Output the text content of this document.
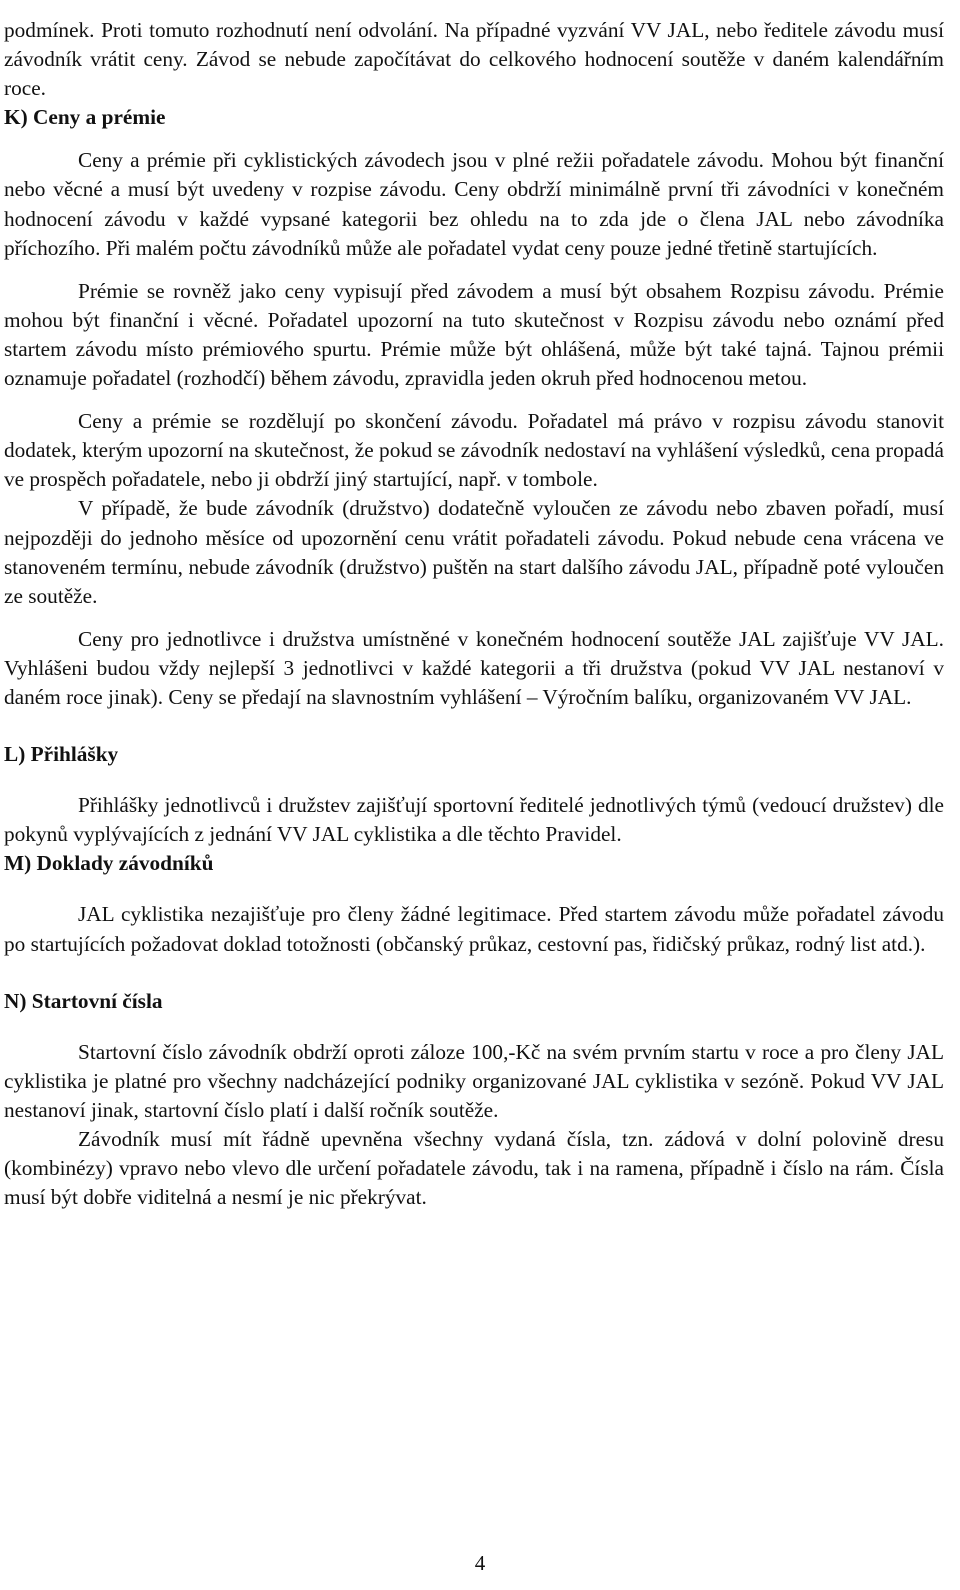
podmínek. Proti tomuto rozhodnutí není odvolání. Na případné vyzvání VV JAL, nebo ředitele závodu musí závodník vrátit ceny. Závod se nebude započítávat do celkového hodnocení soutěže v daném kalendářním roce.

K) Ceny a prémie

Ceny a prémie při cyklistických závodech jsou v plné režii pořadatele závodu. Mohou být finanční nebo věcné a musí být uvedeny v rozpise závodu. Ceny obdrží minimálně první tři závodníci v konečném hodnocení závodu v každé vypsané kategorii bez ohledu na to zda jde o člena JAL nebo závodníka příchozího. Při malém počtu závodníků může ale pořadatel vydat ceny pouze jedné třetině startujících.

Prémie se rovněž jako ceny vypisují před závodem a musí být obsahem Rozpisu závodu. Prémie mohou být finanční i věcné. Pořadatel upozorní na tuto skutečnost v Rozpisu závodu nebo oznámí před startem závodu místo prémiového spurtu. Prémie může být ohlášená, může být také tajná. Tajnou prémii oznamuje pořadatel (rozhodčí) během závodu, zpravidla jeden okruh před hodnocenou metou.

Ceny a prémie se rozdělují po skončení závodu. Pořadatel má právo v rozpisu závodu stanovit dodatek, kterým upozorní na skutečnost, že pokud se závodník nedostaví na vyhlášení výsledků, cena propadá ve prospěch pořadatele, nebo ji obdrží jiný startující, např. v tombole.

V případě, že bude závodník (družstvo) dodatečně vyloučen ze závodu nebo zbaven pořadí, musí nejpozději do jednoho měsíce od upozornění cenu vrátit pořadateli závodu. Pokud nebude cena vrácena ve stanoveném termínu, nebude závodník (družstvo) puštěn na start dalšího závodu JAL, případně poté vyloučen ze soutěže.

Ceny pro jednotlivce i družstva umístněné v konečném hodnocení soutěže JAL zajišťuje VV JAL. Vyhlášeni budou vždy nejlepší 3 jednotlivci v každé kategorii a tři družstva (pokud VV JAL nestanoví v daném roce jinak). Ceny se předají na slavnostním vyhlášení – Výročním balíku, organizovaném VV JAL.

L) Přihlášky

Přihlášky jednotlivců i družstev zajišťují sportovní ředitelé jednotlivých týmů (vedoucí družstev) dle pokynů vyplývajících z jednání VV JAL cyklistika a dle těchto Pravidel.

M) Doklady závodníků

JAL cyklistika nezajišťuje pro členy žádné legitimace. Před startem závodu může pořadatel závodu po startujících požadovat doklad totožnosti (občanský průkaz, cestovní pas, řidičský průkaz, rodný list atd.).

N) Startovní čísla

Startovní číslo závodník obdrží oproti záloze 100,-Kč na svém prvním startu v roce a pro členy JAL cyklistika je platné pro všechny nadcházející podniky organizované JAL cyklistika v sezóně. Pokud VV JAL nestanoví jinak, startovní číslo platí i další ročník soutěže.

Závodník musí mít řádně upevněna všechny vydaná čísla, tzn. zádová v dolní polovině dresu (kombinézy) vpravo nebo vlevo dle určení pořadatele závodu, tak i na ramena, případně i číslo na rám. Čísla musí být dobře viditelná a nesmí je nic překrývat.

4
